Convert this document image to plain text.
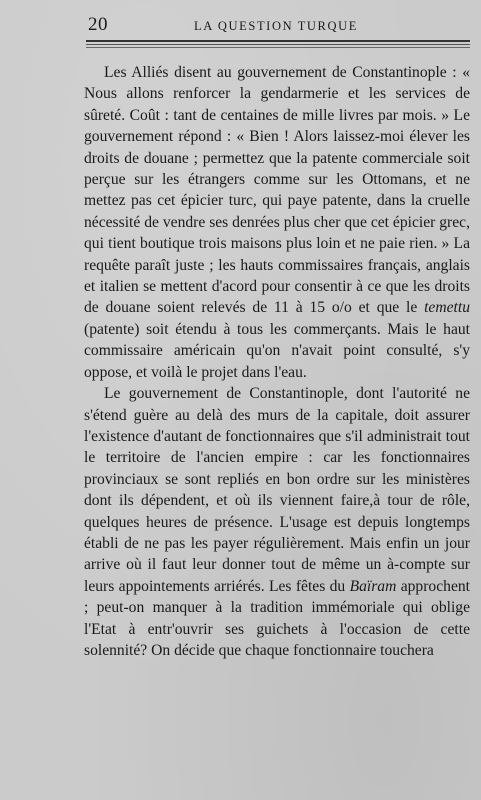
20	LA QUESTION TURQUE

Les Alliés disent au gouvernement de Constantinople : « Nous allons renforcer la gendarmerie et les services de sûreté. Coût : tant de centaines de mille livres par mois. » Le gouvernement répond : « Bien ! Alors laissez-moi élever les droits de douane ; permettez que la patente commerciale soit perçue sur les étrangers comme sur les Ottomans, et ne mettez pas cet épicier turc, qui paye patente, dans la cruelle nécessité de vendre ses denrées plus cher que cet épicier grec, qui tient boutique trois maisons plus loin et ne paie rien. » La requête paraît juste ; les hauts commissaires français, anglais et italien se mettent d'acord pour consentir à ce que les droits de douane soient relevés de 11 à 15 o/o et que le temettu (patente) soit étendu à tous les commerçants. Mais le haut commissaire américain qu'on n'avait point consulté, s'y oppose, et voilà le projet dans l'eau.

Le gouvernement de Constantinople, dont l'autorité ne s'étend guère au delà des murs de la capitale, doit assurer l'existence d'autant de fonctionnaires que s'il administrait tout le territoire de l'ancien empire : car les fonctionnaires provinciaux se sont repliés en bon ordre sur les ministères dont ils dépendent, et où ils viennent faire,à tour de rôle, quelques heures de présence. L'usage est depuis longtemps établi de ne pas les payer régulièrement. Mais enfin un jour arrive où il faut leur donner tout de même un à-compte sur leurs appointements arriérés. Les fêtes du Baïram approchent ; peut-on manquer à la tradition immémoriale qui oblige l'Etat à entr'ouvrir ses guichets à l'occasion de cette solennité? On décide que chaque fonctionnaire touchera
